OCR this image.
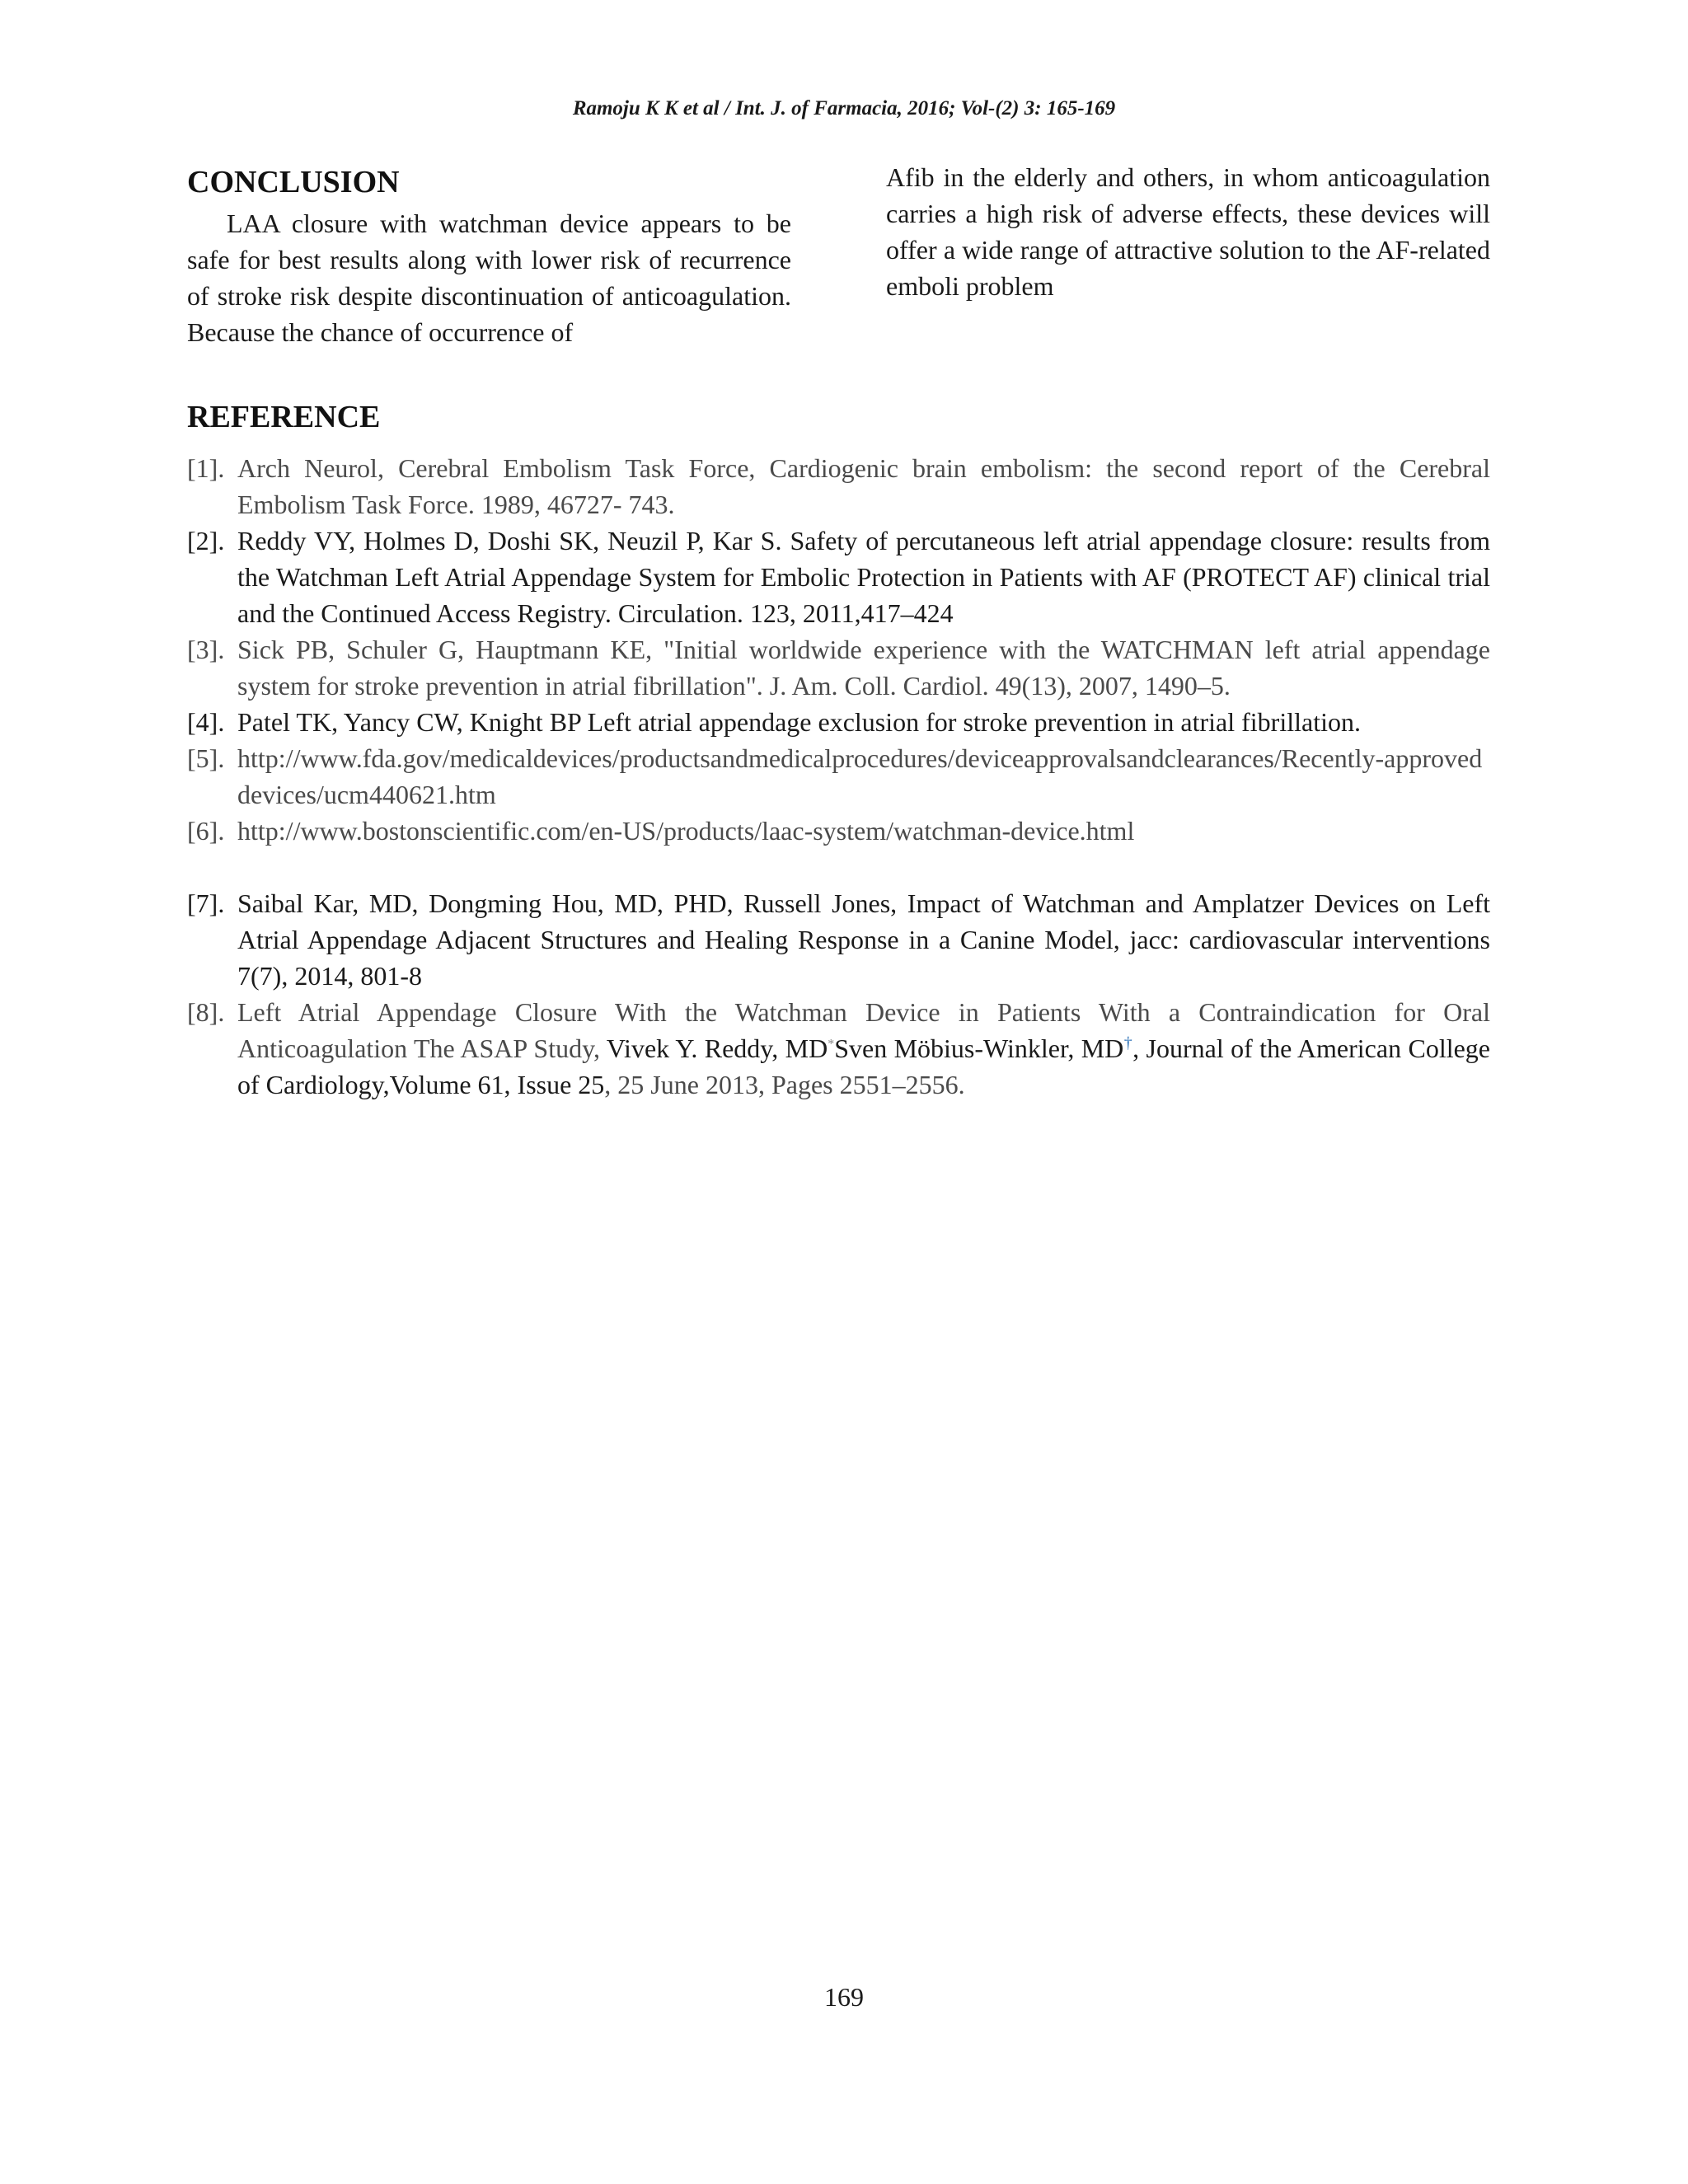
Ramoju K K et al / Int. J. of Farmacia, 2016; Vol-(2) 3: 165-169
CONCLUSION

LAA closure with watchman device appears to be safe for best results along with lower risk of recurrence of stroke risk despite discontinuation of anticoagulation. Because the chance of occurrence of

Afib in the elderly and others, in whom anticoagulation carries a high risk of adverse effects, these devices will offer a wide range of attractive solution to the AF-related emboli problem

REFERENCE
[1]. Arch Neurol, Cerebral Embolism Task Force, Cardiogenic brain embolism: the second report of the Cerebral Embolism Task Force. 1989, 46727- 743.
[2]. Reddy VY, Holmes D, Doshi SK, Neuzil P, Kar S. Safety of percutaneous left atrial appendage closure: results from the Watchman Left Atrial Appendage System for Embolic Protection in Patients with AF (PROTECT AF) clinical trial and the Continued Access Registry. Circulation. 123, 2011,417–424
[3]. Sick PB, Schuler G, Hauptmann KE, "Initial worldwide experience with the WATCHMAN left atrial appendage system for stroke prevention in atrial fibrillation". J. Am. Coll. Cardiol. 49(13), 2007, 1490–5.
[4]. Patel TK, Yancy CW, Knight BP Left atrial appendage exclusion for stroke prevention in atrial fibrillation.
[5]. http://www.fda.gov/medicaldevices/productsandmedicalprocedures/deviceapprovalsandclearances/Recently-approveddevices/ucm440621.htm
[6]. http://www.bostonscientific.com/en-US/products/laac-system/watchman-device.html
[7]. Saibal Kar, MD, Dongming Hou, MD, PHD, Russell Jones, Impact of Watchman and Amplatzer Devices on Left Atrial Appendage Adjacent Structures and Healing Response in a Canine Model, jacc: cardiovascular interventions 7(7), 2014, 801-8
[8]. Left Atrial Appendage Closure With the Watchman Device in Patients With a Contraindication for Oral Anticoagulation The ASAP Study, Vivek Y. Reddy, MD*Sven Möbius-Winkler, MD†, Journal of the American College of Cardiology,Volume 61, Issue 25, 25 June 2013, Pages 2551–2556.
169
